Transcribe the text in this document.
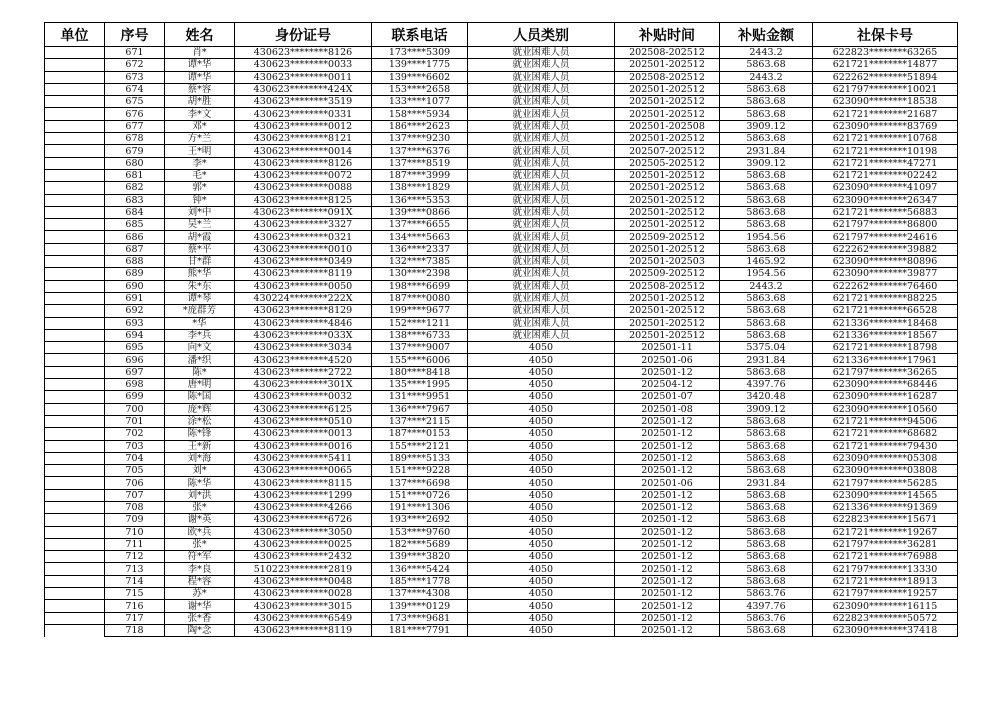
单位	序号	姓名	身份证号	联系电话	人员类别	补贴时间	补贴金额	社保卡号
	671	肖*	430623********8126	173****5309	就业困难人员	202508-202512	2443.2	622823********63265
	672	谭*华	430623********0033	139****1775	就业困难人员	202501-202512	5863.68	621721********14877
	673	谭*华	430623********0011	139****6602	就业困难人员	202508-202512	2443.2	622262********51894
	674	蔡*容	430623********424X	153****2658	就业困难人员	202501-202512	5863.68	621797********10021
	675	胡*胜	430623********3519	133****1077	就业困难人员	202501-202512	5863.68	623090********18538
	676	李*文	430623********0331	158****5934	就业困难人员	202501-202512	5863.68	621721********21687
	677	邓*	430623********0012	186****2623	就业困难人员	202501-202508	3909.12	623090********83769
	678	方*兰	430623********8121	137****9230	就业困难人员	202501-202512	5863.68	621721********10768
	679	王*明	430623********0014	137****6376	就业困难人员	202507-202512	2931.84	621721********10198
	680	李*	430623********8126	137****8519	就业困难人员	202505-202512	3909.12	621721********47271
	681	毛*	430623********0072	187****3999	就业困难人员	202501-202512	5863.68	621721********02242
	682	郭*	430623********0088	138****1829	就业困难人员	202501-202512	5863.68	623090********41097
	683	钟*	430623********8125	136****5353	就业困难人员	202501-202512	5863.68	623090********26347
	684	刘*中	430623********091X	139****0866	就业困难人员	202501-202512	5863.68	621721********56883
	685	吴*兰	430623********3327	137****6655	就业困难人员	202501-202512	5863.68	621797********86800
	686	胡*霞	430623********0321	134****5663	就业困难人员	202509-202512	1954.56	621797********24616
	687	蔡*平	430623********0010	136****2337	就业困难人员	202501-202512	5863.68	622262********39882
	688	甘*群	430623********0349	132****7385	就业困难人员	202501-202503	1465.92	623090********80896
	689	熊*华	430623********8119	130****2398	就业困难人员	202509-202512	1954.56	623090********39877
	690	朱*东	430623********0050	198****6699	就业困难人员	202508-202512	2443.2	622262********76460
	691	谭*琴	430224********222X	187****0080	就业困难人员	202501-202512	5863.68	621721********88225
	692	*庞群芳	430623********8129	199****9677	就业困难人员	202501-202512	5863.68	621721********66528
	693	*华	430623********4846	152****1211	就业困难人员	202501-202512	5863.68	621336********18468
	694	李*兵	430623********033X	138****6733	就业困难人员	202501-202512	5863.68	621336********18567
	695	向*文	430623********3034	137****9007	4050	202501-11	5375.04	621721********18798
	696	潘*织	430623********4520	155****6006	4050	202501-06	2931.84	621336********17961
	697	陈*	430623********2722	180****8418	4050	202501-12	5863.68	621797********36265
	698	唐*明	430623********301X	135****1995	4050	202504-12	4397.76	623090********68446
	699	陈*国	430623********0032	131****9951	4050	202501-07	3420.48	623090********16287
	700	庞*辉	430623********6125	136****7967	4050	202501-08	3909.12	623090********10560
	701	涂*松	430623********0510	137****2115	4050	202501-12	5863.68	621721********94506
	702	陈*锋	430623********0013	187****0153	4050	202501-12	5863.68	621721********68682
	703	王*新	430623********0016	155****2121	4050	202501-12	5863.68	621721********79430
	704	刘*海	430623********5411	189****5133	4050	202501-12	5863.68	623090********05308
	705	刘*	430623********0065	151****9228	4050	202501-12	5863.68	623090********03808
	706	陈*华	430623********8115	137****6698	4050	202501-06	2931.84	621797********56285
	707	刘*洪	430623********1299	151****0726	4050	202501-12	5863.68	623090********14565
	708	张*	430623********4266	191****1306	4050	202501-12	5863.68	621336********91369
	709	谢*英	430623********6726	193****2692	4050	202501-12	5863.68	622823********15671
	710	欧*兵	430623********3050	153****9760	4050	202501-12	5863.68	621721********19267
	711	张*	430623********0025	182****5689	4050	202501-12	5863.68	621797********36281
	712	符*军	430623********2432	139****3820	4050	202501-12	5863.68	621721********76988
	713	李*良	510223********2819	136****5424	4050	202501-12	5863.68	621797********13330
	714	程*容	430623********0048	185****1778	4050	202501-12	5863.68	621721********18913
	715	苏*	430623********0028	137****4308	4050	202501-12	5863.76	621797********19257
	716	谢*华	430623********3015	139****0129	4050	202501-12	4397.76	623090********16115
	717	张*香	430623********6549	173****9681	4050	202501-12	5863.76	622823********50572
	718	陶*念	430623********8119	181****7791	4050	202501-12	5863.68	623090********37418
